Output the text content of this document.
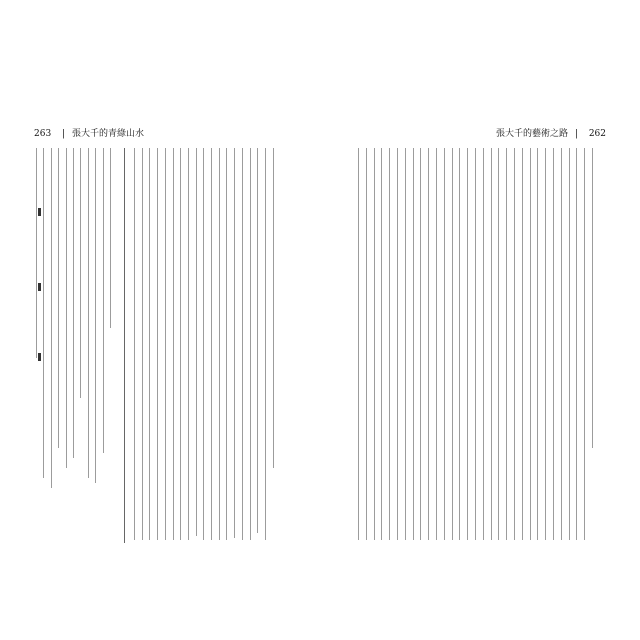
263 | 張大千的青綠山水	張大千的藝術之路 | 262
